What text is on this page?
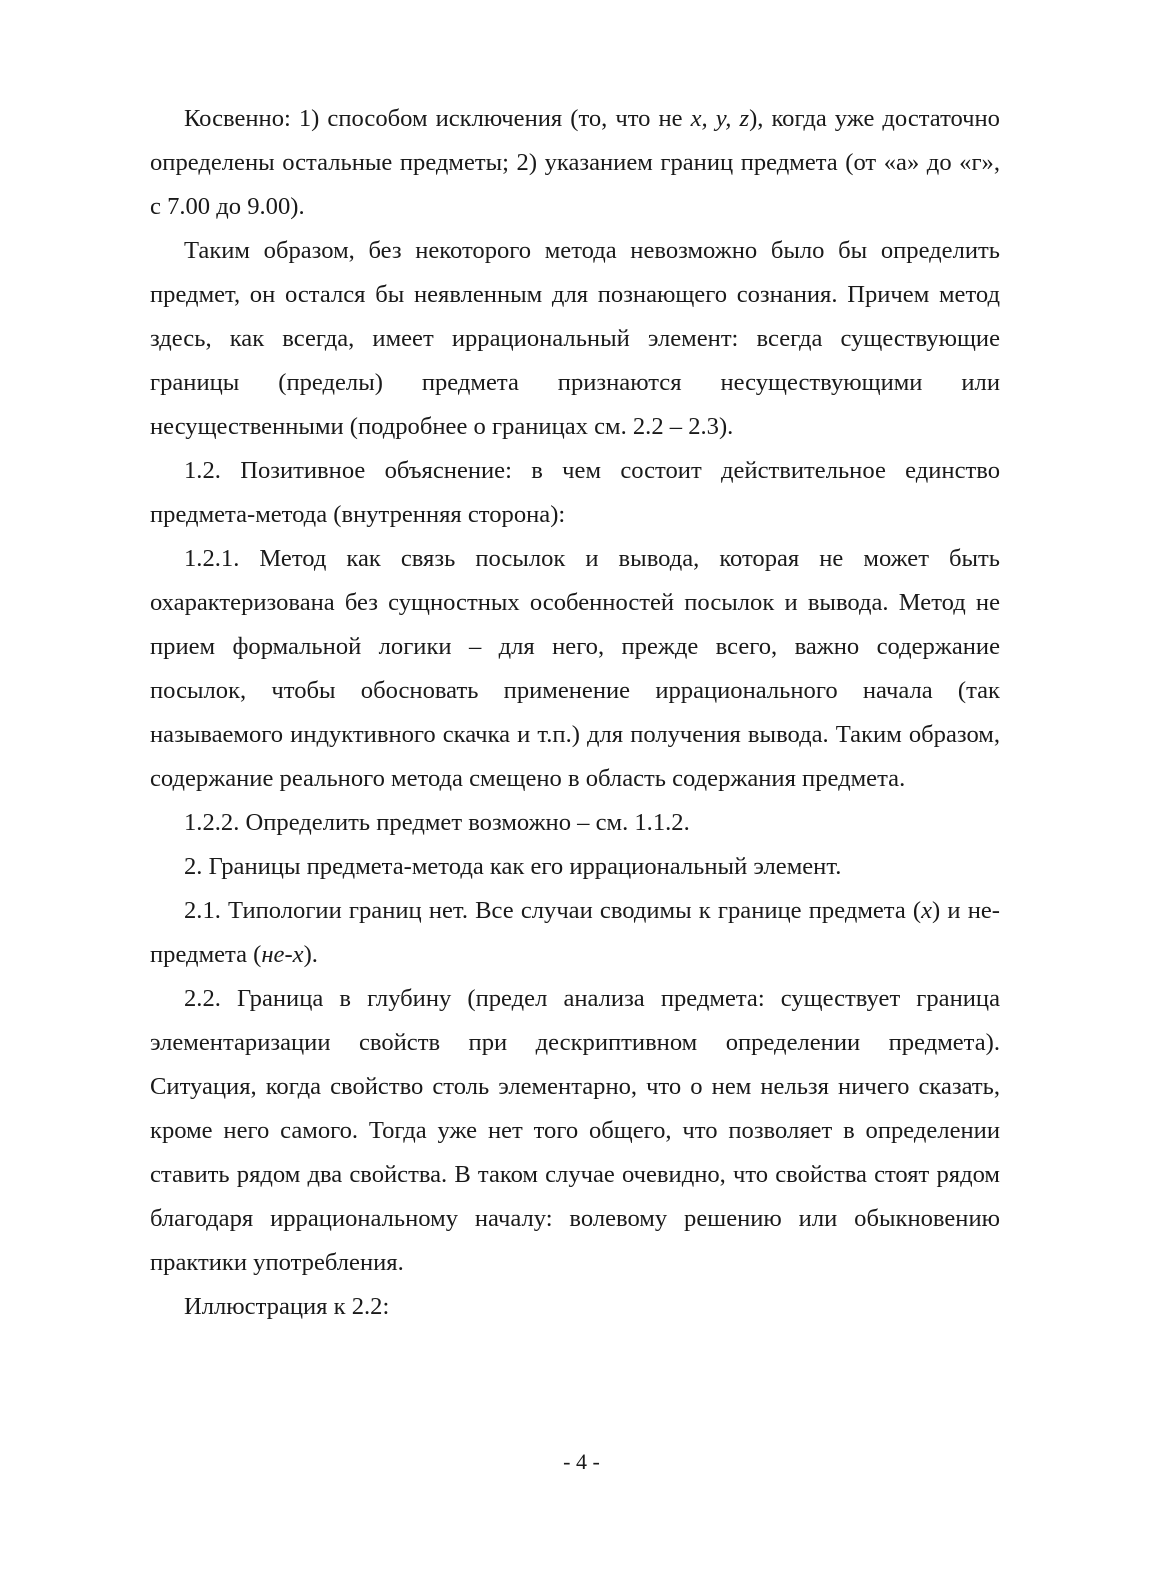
Косвенно: 1) способом исключения (то, что не x, y, z), когда уже достаточно определены остальные предметы; 2) указанием границ предмета (от «а» до «г», с 7.00 до 9.00).

Таким образом, без некоторого метода невозможно было бы определить предмет, он остался бы неявленным для познающего сознания. Причем метод здесь, как всегда, имеет иррациональный элемент: всегда существующие границы (пределы) предмета признаются несуществующими или несущественными (подробнее о границах см. 2.2 – 2.3).

1.2. Позитивное объяснение: в чем состоит действительное единство предмета-метода (внутренняя сторона):

1.2.1. Метод как связь посылок и вывода, которая не может быть охарактеризована без сущностных особенностей посылок и вывода. Метод не прием формальной логики – для него, прежде всего, важно содержание посылок, чтобы обосновать применение иррационального начала (так называемого индуктивного скачка и т.п.) для получения вывода. Таким образом, содержание реального метода смещено в область содержания предмета.

1.2.2. Определить предмет возможно – см. 1.1.2.

2. Границы предмета-метода как его иррациональный элемент.

2.1. Типологии границ нет. Все случаи сводимы к границе предмета (x) и не-предмета (не-x).

2.2. Граница в глубину (предел анализа предмета: существует граница элементаризации свойств при дескриптивном определении предмета). Ситуация, когда свойство столь элементарно, что о нем нельзя ничего сказать, кроме него самого. Тогда уже нет того общего, что позволяет в определении ставить рядом два свойства. В таком случае очевидно, что свойства стоят рядом благодаря иррациональному началу: волевому решению или обыкновению практики употребления.

Иллюстрация к 2.2:

- 4 -
